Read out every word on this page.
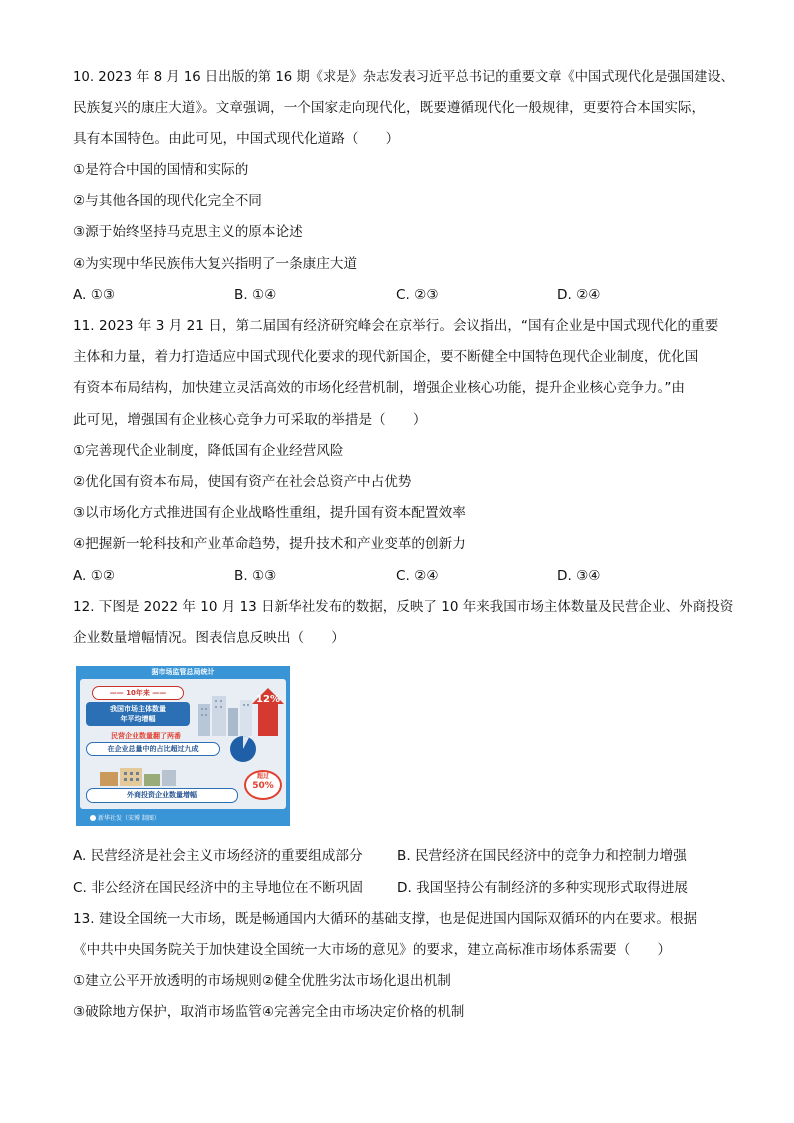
10. 2023 年 8 月 16 日出版的第 16 期《求是》杂志发表习近平总书记的重要文章《中国式现代化是强国建设、
民族复兴的康庄大道》。文章强调，一个国家走向现代化，既要遵循现代化一般规律，更要符合本国实际，
具有本国特色。由此可见，中国式现代化道路（　　）
①是符合中国的国情和实际的
②与其他各国的现代化完全不同
③源于始终坚持马克思主义的原本论述
④为实现中华民族伟大复兴指明了一条康庄大道
A. ①③	B. ①④	C. ②③	D. ②④
11. 2023 年 3 月 21 日，第二届国有经济研究峰会在京举行。会议指出，“国有企业是中国式现代化的重要
主体和力量，着力打造适应中国式现代化要求的现代新国企，要不断健全中国特色现代企业制度，优化国
有资本布局结构，加快建立灵活高效的市场化经营机制，增强企业核心功能，提升企业核心竞争力。”由
此可见，增强国有企业核心竞争力可采取的举措是（　　）
①完善现代企业制度，降低国有企业经营风险
②优化国有资本布局，使国有资产在社会总资产中占优势
③以市场化方式推进国有企业战略性重组，提升国有资本配置效率
④把握新一轮科技和产业革命趋势，提升技术和产业变革的创新力
A. ①②	B. ①③	C. ②④	D. ③④
12. 下图是 2022 年 10 月 13 日新华社发布的数据，反映了 10 年来我国市场主体数量及民营企业、外商投资
企业数量增幅情况。图表信息反映出（　　）
据市场监管总局统计
—— 10年来 ——
我国市场主体数量
年平均增幅
12%
民营企业数量翻了两番
在企业总量中的占比超过九成
外商投资企业数量增幅
超过
50%
新华社发（宋博 制图）
A. 民营经济是社会主义市场经济的重要组成部分	B. 民营经济在国民经济中的竞争力和控制力增强
C. 非公经济在国民经济中的主导地位在不断巩固 D. 我国坚持公有制经济的多种实现形式取得进展
13. 建设全国统一大市场，既是畅通国内大循环的基础支撑，也是促进国内国际双循环的内在要求。根据
《中共中央国务院关于加快建设全国统一大市场的意见》的要求，建立高标准市场体系需要（　　）
①建立公平开放透明的市场规则②健全优胜劣汰市场化退出机制
③破除地方保护，取消市场监管④完善完全由市场决定价格的机制
